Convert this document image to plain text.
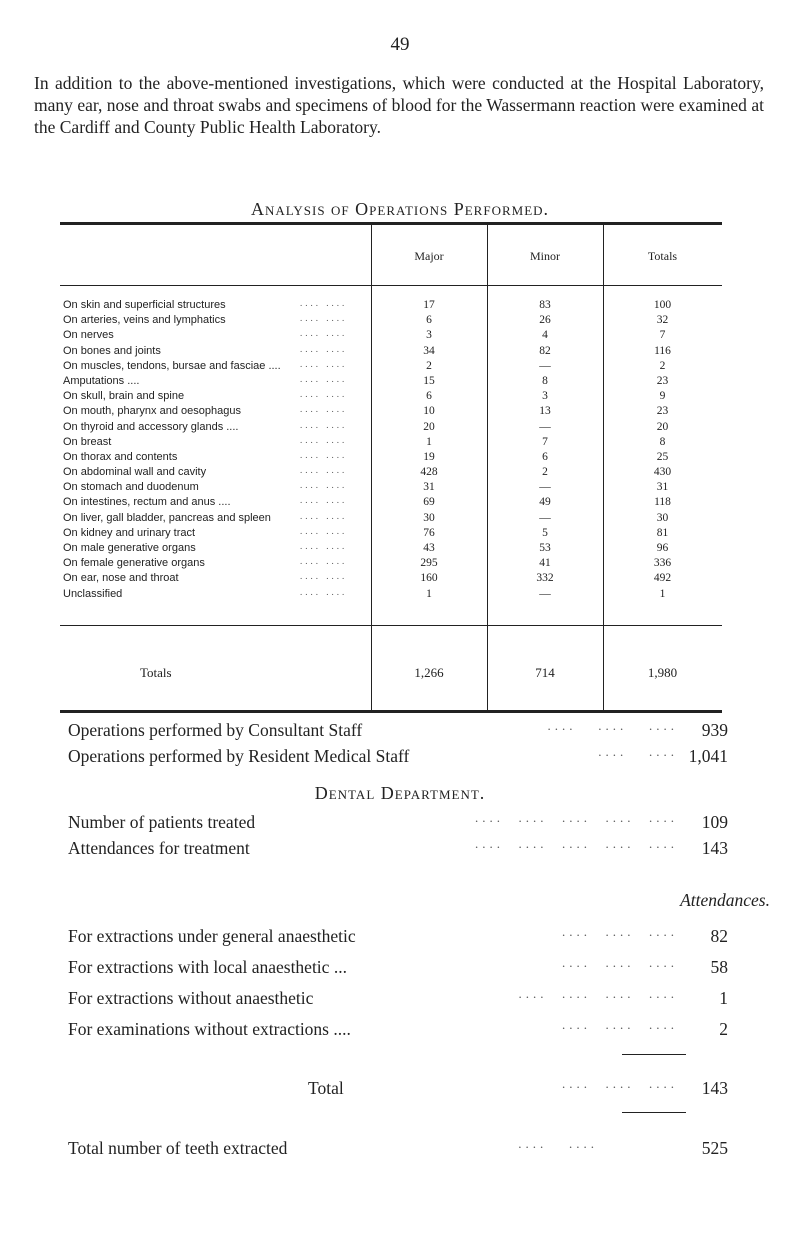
49

In addition to the above-mentioned investigations, which were conducted at the Hospital Laboratory, many ear, nose and throat swabs and specimens of blood for the Wassermann reaction were examined at the Cardiff and County Public Health Laboratory.

Analysis of Operations Performed.
Major	Minor	Totals
On skin and superficial structures	.... ....	17	83	100
On arteries, veins and lymphatics	.... ....	6	26	32
On nerves	.... ....	3	4	7
On bones and joints	.... ....	34	82	116
On muscles, tendons, bursae and fasciae .... .... ....	2	—	2
Amputations ....	.... ....	15	8	23
On skull, brain and spine	.... ....	6	3	9
On mouth, pharynx and oesophagus	.... ....	10	13	23
On thyroid and accessory glands ....	.... ....	20	—	20
On breast	.... ....	1	7	8
On thorax and contents	.... ....	19	6	25
On abdominal wall and cavity	.... ....	428	2	430
On stomach and duodenum	.... ....	31	—	31
On intestines, rectum and anus ....	.... ....	69	49	118
On liver, gall bladder, pancreas and spleen	.... ....	30	—	30
On kidney and urinary tract	.... ....	76	5	81
On male generative organs	.... ....	43	53	96
On female generative organs	.... ....	295	41	336
On ear, nose and throat	.... ....	160	332	492
Unclassified	.... ....	1	—	1
Totals	1,266	714	1,980
Operations performed by Consultant Staff	....   ....   ....	939
Operations performed by Resident Medical Staff	....   .... 1,041
Dental Department.
Number of patients treated	....  ....  ....  ....  ....	109
Attendances for treatment	....  ....  ....  ....  ....	143
Attendances.
For extractions under general anaesthetic	....  ....  ....	82
For extractions with local anaesthetic ...	....  ....  ....	58
For extractions without anaesthetic	....  ....  ....  ....	1
For examinations without extractions ....	....  ....  ....	2
Total	....  ....  ....	143
Total number of teeth extracted	....   ....	525
